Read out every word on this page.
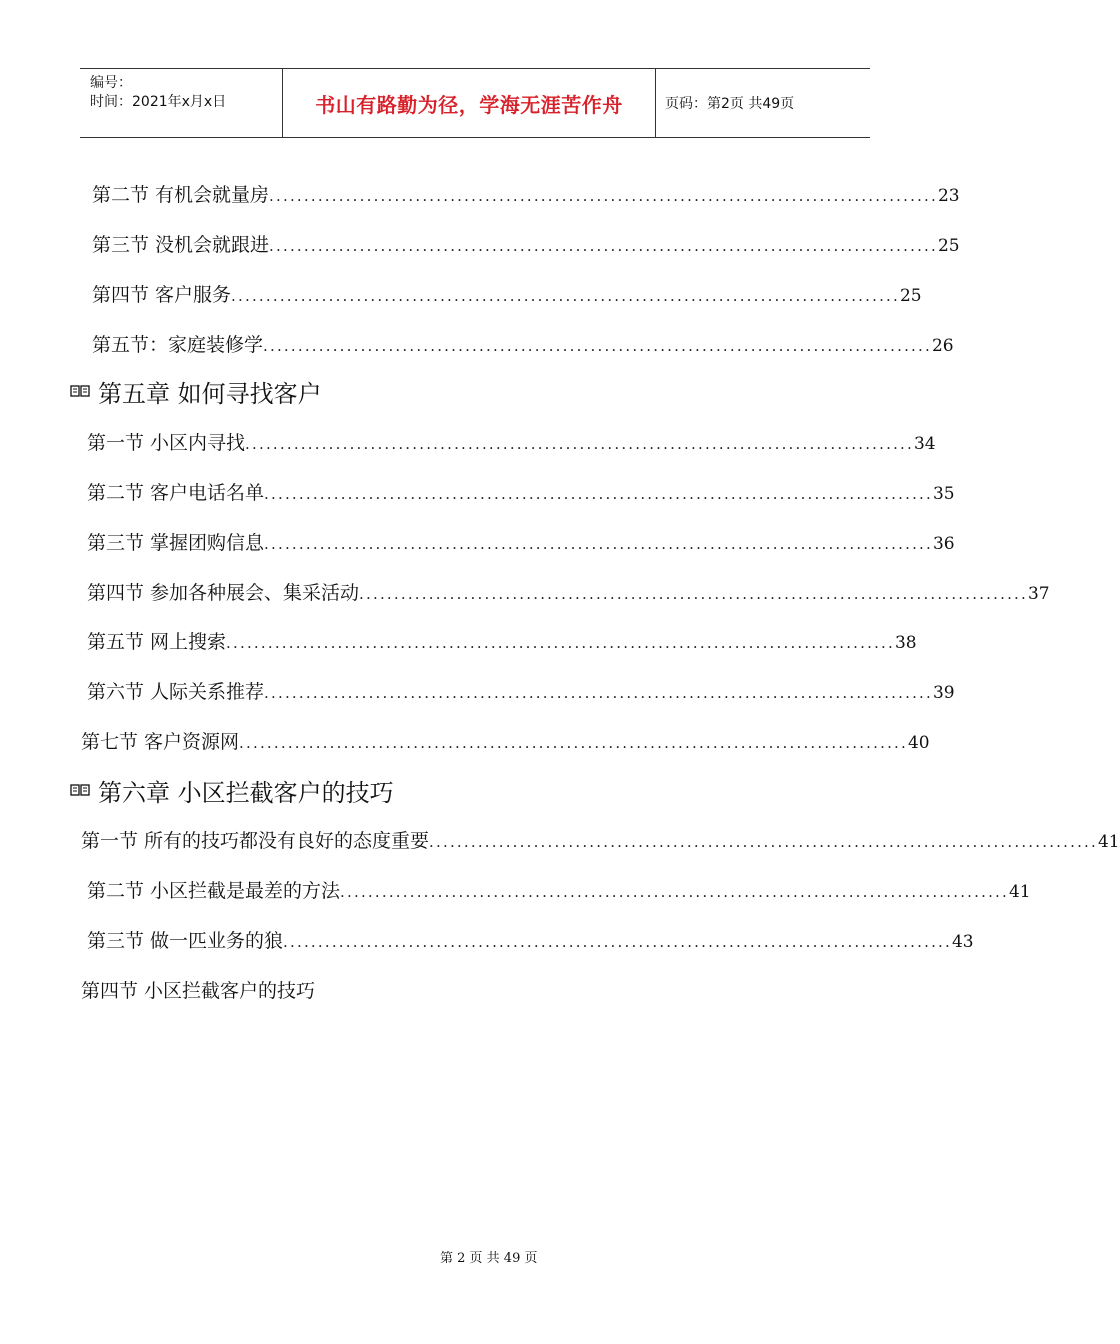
编号：
时间：2021年x月x日	书山有路勤为径，学海无涯苦作舟	页码：第2页 共49页
第二节 有机会就量房 ................................................................................................ 23
第三节 没机会就跟进 ................................................................................................ 25
第四节 客户服务 ................................................................................................ 25
第五节：家庭装修学 ................................................................................................ 26
第五章 如何寻找客户
第一节 小区内寻找 ................................................................................................ 34
第二节 客户电话名单 ................................................................................................ 35
第三节 掌握团购信息 ................................................................................................ 36
第四节 参加各种展会、集采活动 ................................................................................................ 37
第五节 网上搜索 ................................................................................................ 38
第六节 人际关系推荐 ................................................................................................ 39
第七节 客户资源网 ................................................................................................ 40
第六章 小区拦截客户的技巧
第一节 所有的技巧都没有良好的态度重要 ................................................................................................ 41
第二节 小区拦截是最差的方法 ................................................................................................ 41
第三节 做一匹业务的狼 ................................................................................................ 43
第四节 小区拦截客户的技巧
第 2 页 共 49 页
